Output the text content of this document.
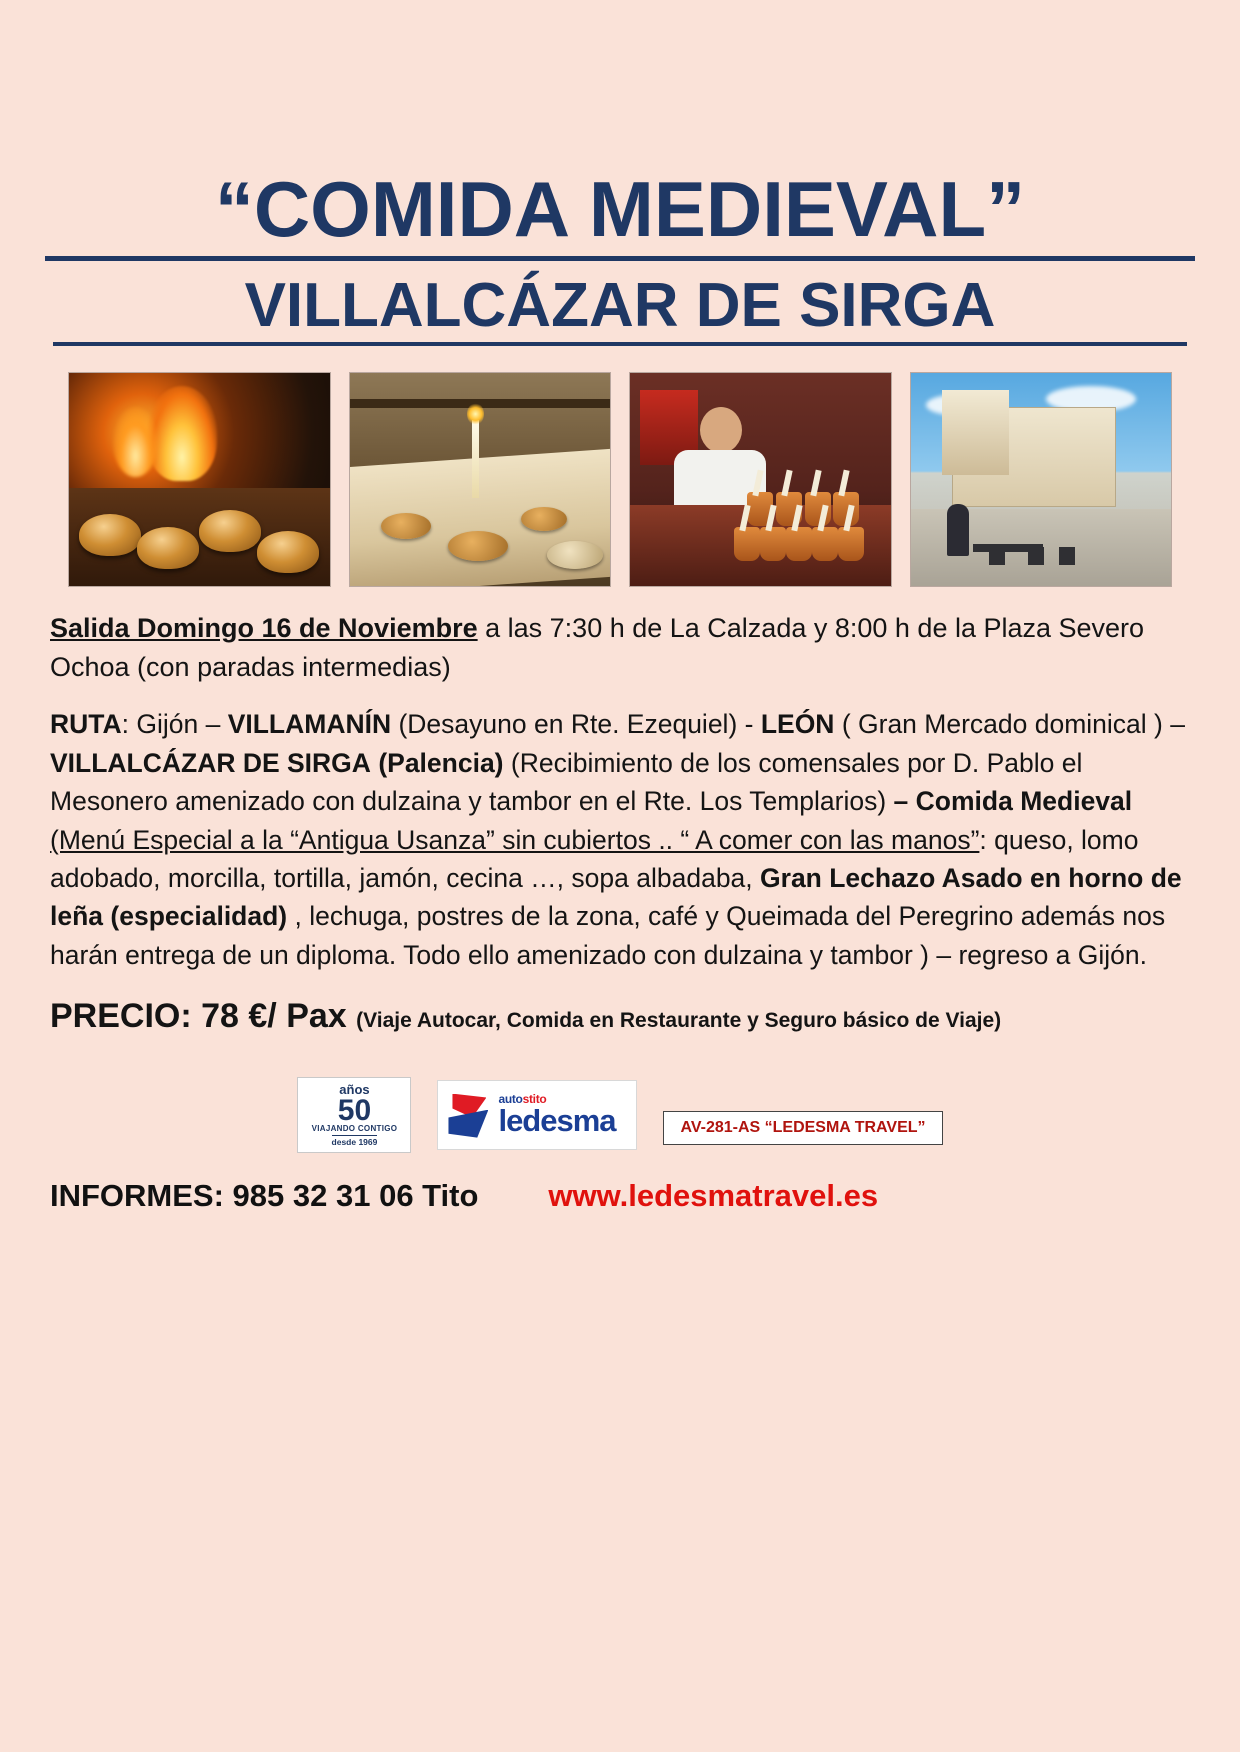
“COMIDA MEDIEVAL”
VILLALCÁZAR DE SIRGA

Salida Domingo 16 de Noviembre a las 7:30 h de La Calzada y 8:00 h de la Plaza Severo Ochoa (con paradas intermedias)

RUTA: Gijón – VILLAMANÍN (Desayuno en Rte. Ezequiel) - LEÓN ( Gran Mercado dominical ) – VILLALCÁZAR DE SIRGA (Palencia) (Recibimiento de los comensales por D. Pablo el Mesonero amenizado con dulzaina y tambor en el Rte. Los Templarios) – Comida Medieval (Menú Especial a la “Antigua Usanza” sin cubiertos .. “ A comer con las manos”: queso, lomo adobado, morcilla, tortilla, jamón, cecina …, sopa albadaba, Gran Lechazo Asado en horno de leña (especialidad) , lechuga, postres de la zona, café y Queimada del Peregrino además nos harán entrega de un diploma. Todo ello amenizado con dulzaina y tambor ) – regreso a Gijón.

PRECIO: 78 €/ Pax (Viaje Autocar, Comida en Restaurante y Seguro básico de Viaje)

años
50
VIAJANDO CONTIGO
desde 1969
autostito
ledesma	AV-281-AS “LEDESMA TRAVEL”
INFORMES: 985 32 31 06 Tito www.ledesmatravel.es
